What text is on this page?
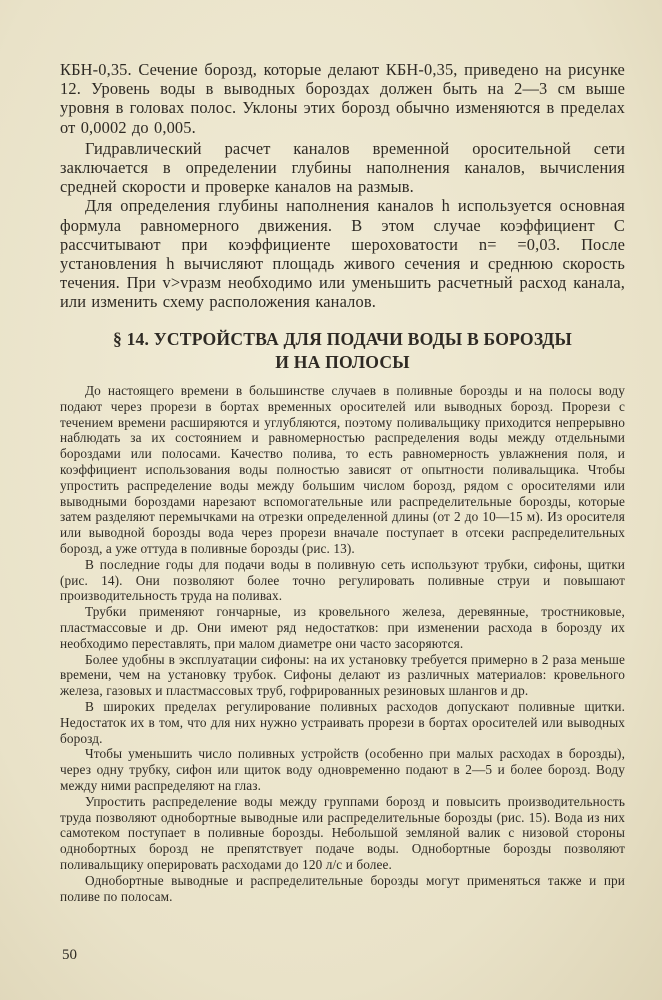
КБН-0,35. Сечение борозд, которые делают КБН-0,35, приведено на рисунке 12. Уровень воды в выводных бороздах должен быть на 2—3 см выше уровня в головах полос. Уклоны этих борозд обычно изменяются в пределах от 0,0002 до 0,005.

Гидравлический расчет каналов временной оросительной сети заключается в определении глубины наполнения каналов, вычисления средней скорости и проверке каналов на размыв.

Для определения глубины наполнения каналов h используется основная формула равномерного движения. В этом случае коэффициент C рассчитывают при коэффициенте шероховатости n= =0,03. После установления h вычисляют площадь живого сечения и среднюю скорость течения. При v>vразм необходимо или уменьшить расчетный расход канала, или изменить схему расположения каналов.

§ 14. УСТРОЙСТВА ДЛЯ ПОДАЧИ ВОДЫ В БОРОЗДЫ
И НА ПОЛОСЫ

До настоящего времени в большинстве случаев в поливные борозды и на полосы воду подают через прорези в бортах временных оросителей или выводных борозд. Прорези с течением времени расширяются и углубляются, поэтому поливальщику приходится непрерывно наблюдать за их состоянием и равномерностью распределения воды между отдельными бороздами или полосами. Качество полива, то есть равномерность увлажнения поля, и коэффициент использования воды полностью зависят от опытности поливальщика. Чтобы упростить распределение воды между большим числом борозд, рядом с оросителями или выводными бороздами нарезают вспомогательные или распределительные борозды, которые затем разделяют перемычками на отрезки определенной длины (от 2 до 10—15 м). Из оросителя или выводной борозды вода через прорези вначале поступает в отсеки распределительных борозд, а уже оттуда в поливные борозды (рис. 13).

В последние годы для подачи воды в поливную сеть используют трубки, сифоны, щитки (рис. 14). Они позволяют более точно регулировать поливные струи и повышают производительность труда на поливах.

Трубки применяют гончарные, из кровельного железа, деревянные, тростниковые, пластмассовые и др. Они имеют ряд недостатков: при изменении расхода в борозду их необходимо переставлять, при малом диаметре они часто засоряются.

Более удобны в эксплуатации сифоны: на их установку требуется примерно в 2 раза меньше времени, чем на установку трубок. Сифоны делают из различных материалов: кровельного железа, газовых и пластмассовых труб, гофрированных резиновых шлангов и др.

В широких пределах регулирование поливных расходов допускают поливные щитки. Недостаток их в том, что для них нужно устраивать прорези в бортах оросителей или выводных борозд.

Чтобы уменьшить число поливных устройств (особенно при малых расходах в борозды), через одну трубку, сифон или щиток воду одновременно подают в 2—5 и более борозд. Воду между ними распределяют на глаз.

Упростить распределение воды между группами борозд и повысить производительность труда позволяют однобортные выводные или распределительные борозды (рис. 15). Вода из них самотеком поступает в поливные борозды. Небольшой земляной валик с низовой стороны однобортных борозд не препятствует подаче воды. Однобортные борозды позволяют поливальщику оперировать расходами до 120 л/с и более.

Однобортные выводные и распределительные борозды могут применяться также и при поливе по полосам.

50
